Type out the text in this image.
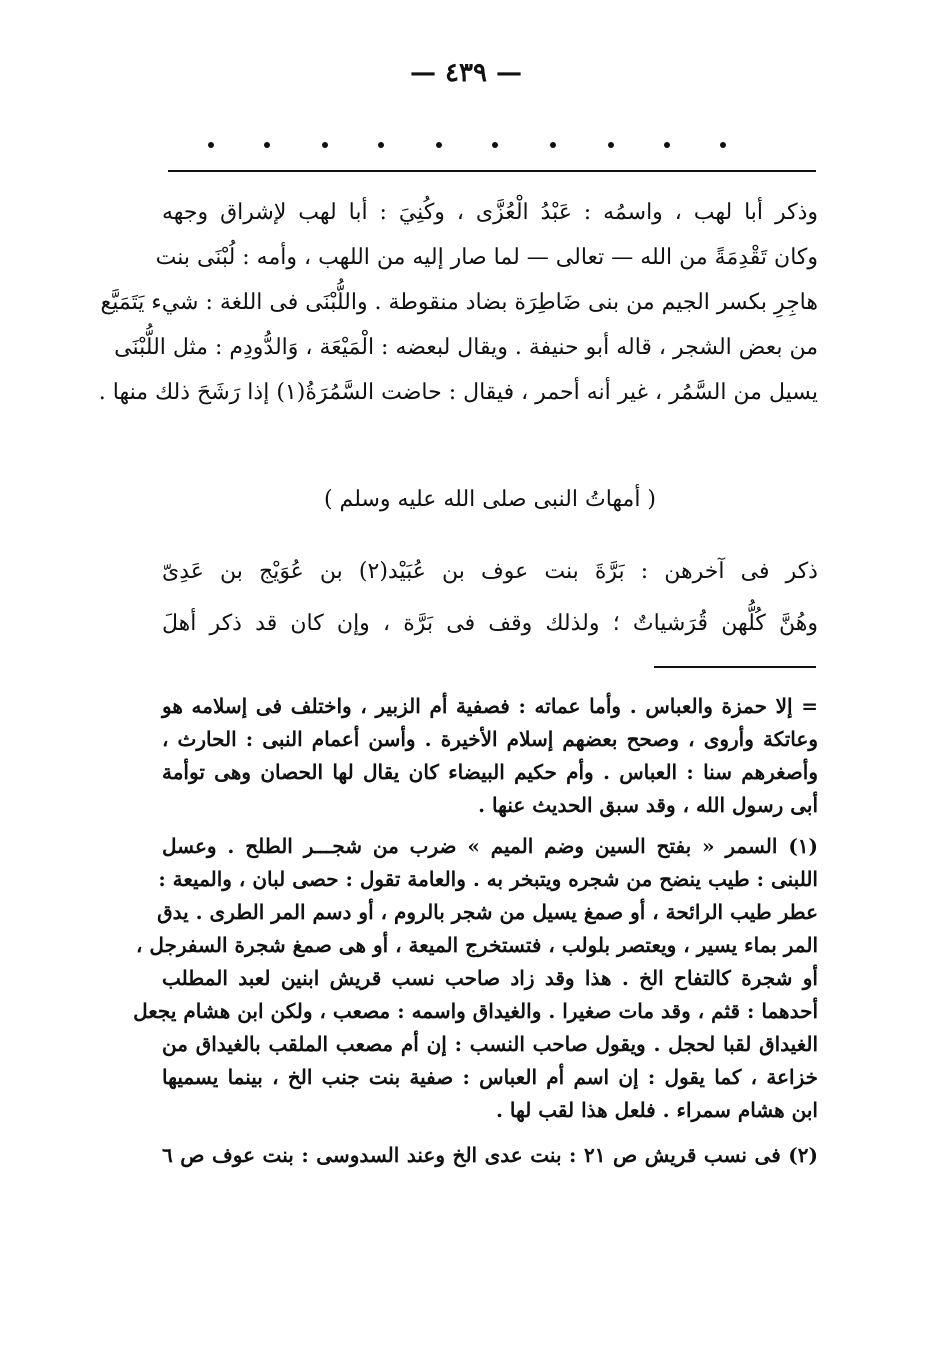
— ٤٣٩ —
وذكر أبا لهب ، واسمُه : عَبْدُ الْعُزَّى ، وكُنِيَ : أبا لهب لإشراق وجهه
وكان تَقْدِمَةً من الله — تعالى — لما صار إليه من اللهب ، وأمه : لُبْنَى بنت
هاجِرِ بكسر الجيم من بنى ضَاطِرَة بضاد منقوطة . واللُّبْنَى فى اللغة : شيء يَتَمَيَّع
من بعض الشجر ، قاله أبو حنيفة . ويقال لبعضه : الْمَيْعَة ، وَالدُّودِم : مثل اللُّبْنَى
يسيل من السَّمُر ، غير أنه أحمر ، فيقال : حاضت السَّمُرَةُ(١) إذا رَشَحَ ذلك منها .
( أمهاتُ النبى صلى الله عليه وسلم )
ذكر فى آخرهن : بَرَّةَ بنت عوف بن عُبَيْد(٢) بن عُوَيْج بن عَدِىّ
وهُنَّ كُلُّهن قُرَشياتٌ ؛ ولذلك وقف فى بَرَّة ، وإن كان قد ذكر أهلَ
= إلا حمزة والعباس . وأما عماته : فصفية أم الزبير ، واختلف فى إسلامه هو
وعاتكة وأروى ، وصحح بعضهم إسلام الأخيرة . وأسن أعمام النبى : الحارث ،
وأصغرهم سنا : العباس . وأم حكيم البيضاء كان يقال لها الحصان وهى توأمة
أبى رسول الله ، وقد سبق الحديث عنها .
(١) السمر « بفتح السين وضم الميم » ضرب من شجـــر الطلح . وعسل
اللبنى : طيب ينضح من شجره ويتبخر به . والعامة تقول : حصى لبان ، والميعة :
عطر طيب الرائحة ، أو صمغ يسيل من شجر بالروم ، أو دسم المر الطرى . يدق
المر بماء يسير ، ويعتصر بلولب ، فتستخرج الميعة ، أو هى صمغ شجرة السفرجل ،
أو شجرة كالتفاح الخ . هذا وقد زاد صاحب نسب قريش ابنين لعبد المطلب
أحدهما : قثم ، وقد مات صغيرا . والغيداق واسمه : مصعب ، ولكن ابن هشام يجعل
الغيداق لقبا لحجل . ويقول صاحب النسب : إن أم مصعب الملقب بالغيداق من
خزاعة ، كما يقول : إن اسم أم العباس : صفية بنت جنب الخ ، بينما يسميها
ابن هشام سمراء . فلعل هذا لقب لها .
(٢) فى نسب قريش ص ٢١ : بنت عدى الخ وعند السدوسى : بنت عوف ص ٦
